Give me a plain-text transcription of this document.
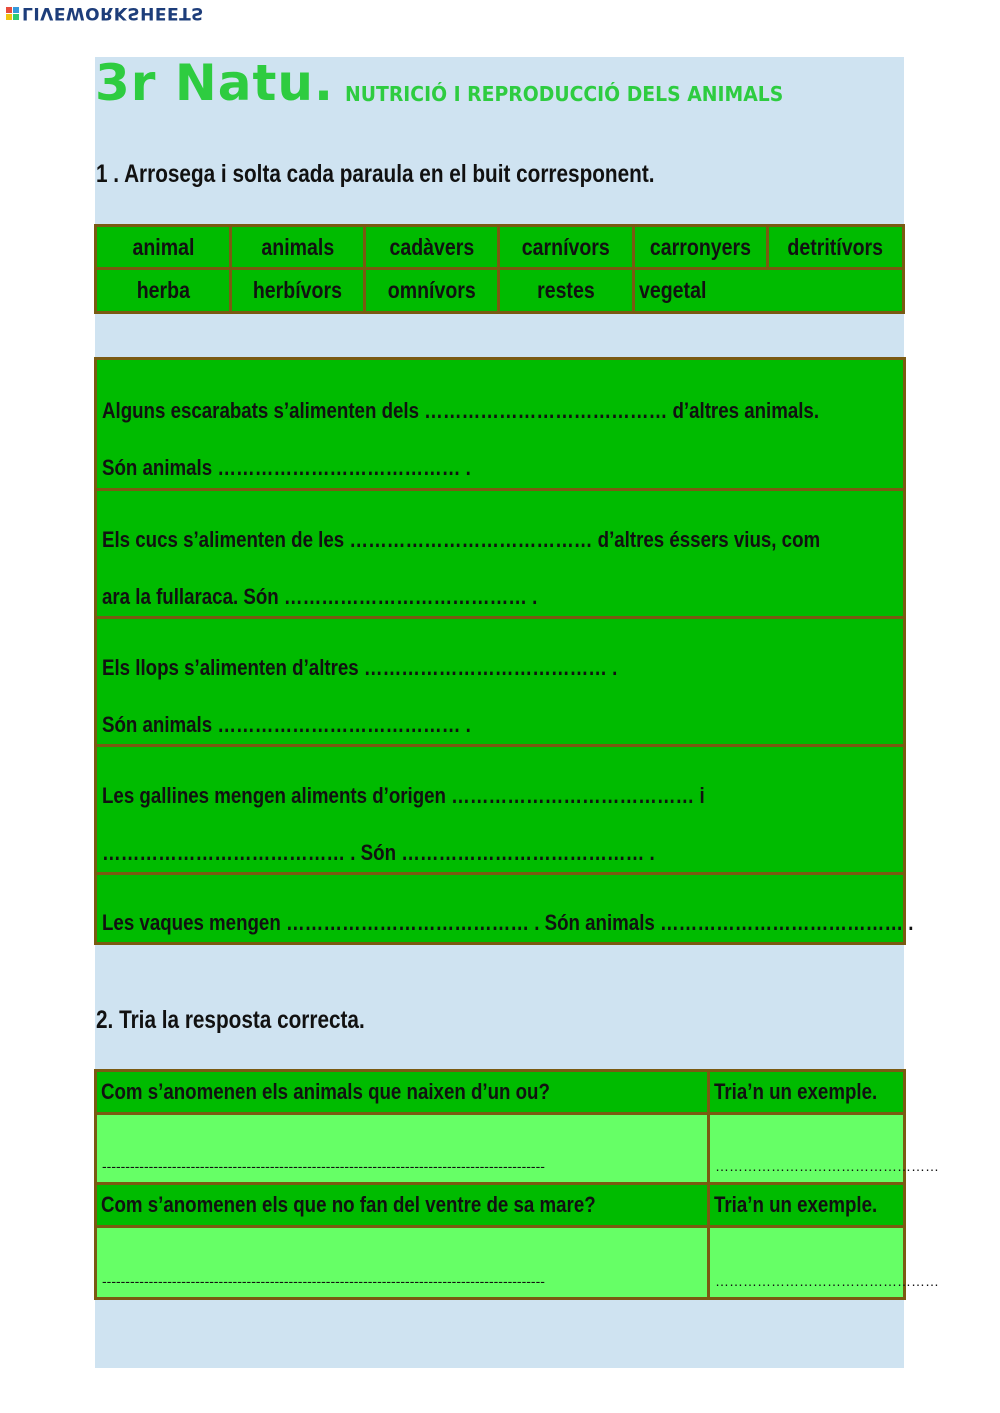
LIVEWORKSHEETS
3r Natu. NUTRICIÓ I REPRODUCCIÓ DELS ANIMALS
1 . Arrosega i solta cada paraula en el buit corresponent.
animal	animals cadàvers carnívors carronyers detritívors
herba	herbívors omnívors	restes vegetal
Alguns escarabats s’alimenten dels ………………………………… d’altres animals.
Són animals ………………………………… .
Els cucs s’alimenten de les ………………………………… d’altres éssers vius, com
ara la fullaraca. Són ………………………………… .
Els llops s’alimenten d’altres ………………………………… .
Són animals ………………………………… .
Les gallines mengen aliments d’origen ………………………………… i
………………………………… . Són ………………………………… .
Les vaques mengen ………………………………… . Són animals ………………………………… .
2. Tria la resposta correcta.
Com s’anomenen els animals que naixen d’un ou?	Tria’n un exemple.
-----------------------------------------------------------------------------------------------	…………………………………………
Com s’anomenen els que no fan del ventre de sa mare?	Tria’n un exemple.
-----------------------------------------------------------------------------------------------	…………………………………………
